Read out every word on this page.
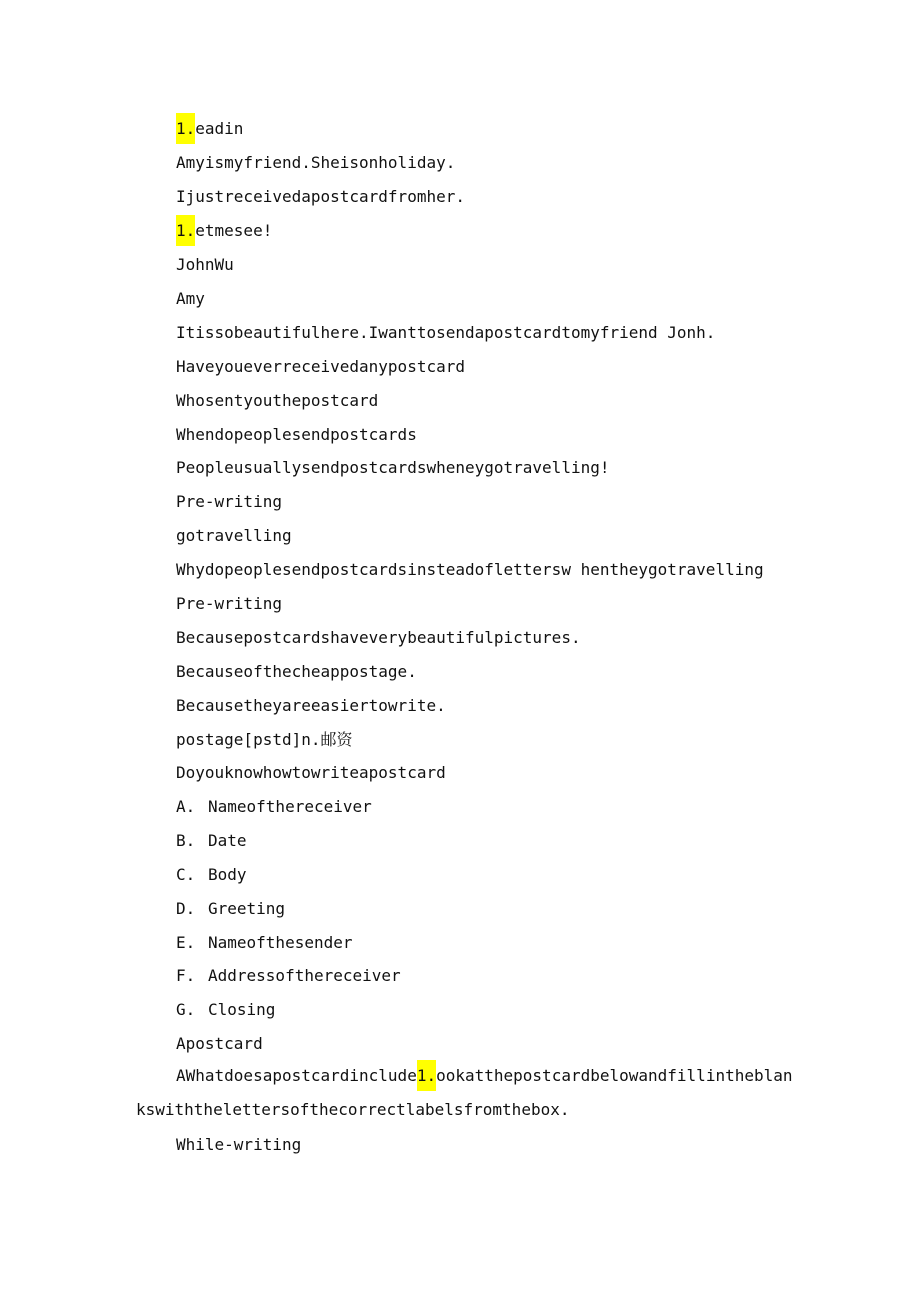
1.eadin
Amyismyfriend.Sheisonholiday.
Ijustreceivedapostcardfromher.
1.etmesee!
JohnWu
Amy
Itissobeautifulhere.Iwanttosendapostcardtomyfriend Jonh.
Haveyoueverreceivedanypostcard
Whosentyouthepostcard
Whendopeoplesendpostcards
Peopleusuallysendpostcardswheneygotravelling!
Pre-writing
gotravelling
Whydopeoplesendpostcardsinsteadoflettersw hentheygotravelling
Pre-writing
Becausepostcardshaveverybeautifulpictures.
Becauseofthecheappostage.
Becausetheyareeasiertowrite.
postage[pstd]n.邮资
Doyouknowhowtowriteapostcard
A. Nameofthereceiver
B. Date
C. Body
D. Greeting
E. Nameofthesender
F. Addressofthereceiver
G. Closing
Apostcard
AWhatdoesapostcardinclude1.ookatthepostcardbelowandfillintheblankswiththelettersofthecorrectlabelsfromthebox.
While-writing
